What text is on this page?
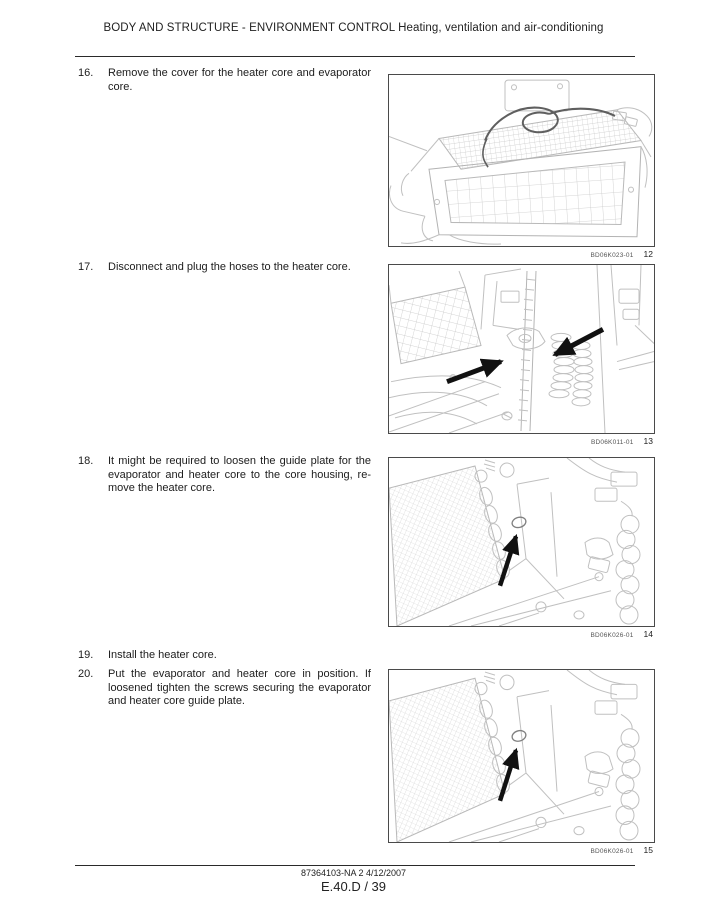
BODY AND STRUCTURE - ENVIRONMENT CONTROL Heating, ventilation and air-conditioning
16. Remove the cover for the heater core and evaporator core.
17. Disconnect and plug the hoses to the heater core.
18. It might be required to loosen the guide plate for the evaporator and heater core to the core housing, re- move the heater core.
19. Install the heater core.
20. Put the evaporator and heater core in position. If loosened tighten the screws securing the evaporator and heater core guide plate.
BD06K023-01 12
BD06K011-01 13
BD06K026-01 14
BD06K026-01 15
87364103-NA 2 4/12/2007
E.40.D / 39
